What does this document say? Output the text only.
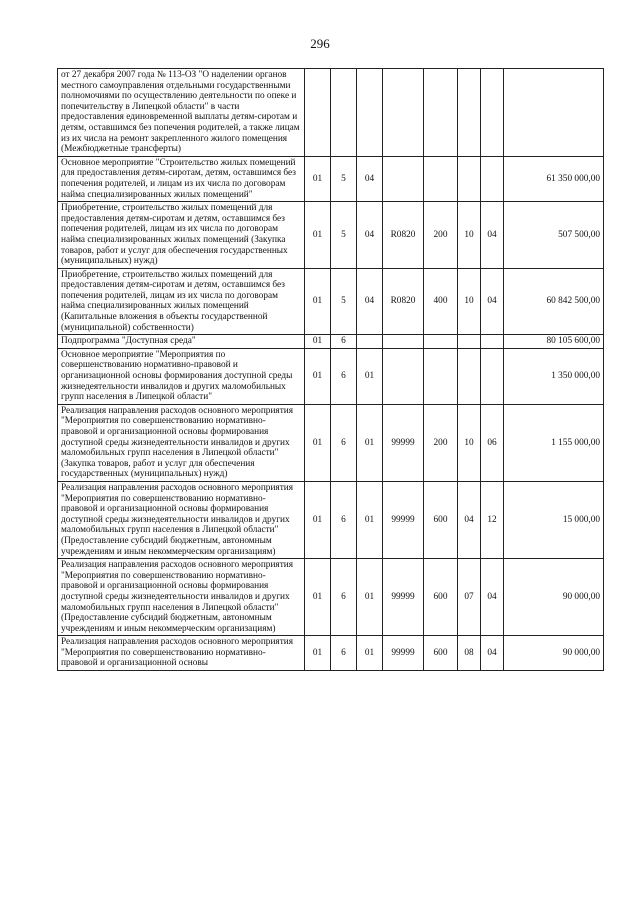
296
от 27 декабря 2007 года № 113-ОЗ "О наделении органов местного самоуправления отдельными государственными полномочиями по осуществлению деятельности по опеке и попечительству в Липецкой области" в части предоставления единовременной выплаты детям-сиротам и детям, оставшимся без попечения родителей, а также лицам из их числа на ремонт закрепленного жилого помещения (Межбюджетные трансферты)								
Основное мероприятие "Строительство жилых помещений для предоставления детям-сиротам, детям, оставшимся без попечения родителей, и лицам из их числа по договорам найма специализированных жилых помещений"	01	5	04					61 350 000,00
Приобретение, строительство жилых помещений для предоставления детям-сиротам и детям, оставшимся без попечения родителей, лицам из их числа по договорам найма специализированных жилых помещений (Закупка товаров, работ и услуг для обеспечения государственных (муниципальных) нужд)	01	5	04	R0820	200	10	04	507 500,00
Приобретение, строительство жилых помещений для предоставления детям-сиротам и детям, оставшимся без попечения родителей, лицам из их числа по договорам найма специализированных жилых помещений (Капитальные вложения в объекты государственной (муниципальной) собственности)	01	5	04	R0820	400	10	04	60 842 500,00
Подпрограмма "Доступная среда"	01	6						80 105 600,00
Основное мероприятие "Мероприятия по совершенствованию нормативно-правовой и организационной основы формирования доступной среды жизнедеятельности инвалидов и других маломобильных групп населения в Липецкой области"	01	6	01					1 350 000,00
Реализация направления расходов основного мероприятия "Мероприятия по совершенствованию нормативно-правовой и организационной основы формирования доступной среды жизнедеятельности инвалидов и других маломобильных групп населения в Липецкой области" (Закупка товаров, работ и услуг для обеспечения государственных (муниципальных) нужд)	01	6	01	99999	200	10	06	1 155 000,00
Реализация направления расходов основного мероприятия "Мероприятия по совершенствованию нормативно-правовой и организационной основы формирования доступной среды жизнедеятельности инвалидов и других маломобильных групп населения в Липецкой области" (Предоставление субсидий бюджетным, автономным учреждениям и иным некоммерческим организациям)	01	6	01	99999	600	04	12	15 000,00
Реализация направления расходов основного мероприятия "Мероприятия по совершенствованию нормативно-правовой и организационной основы формирования доступной среды жизнедеятельности инвалидов и других маломобильных групп населения в Липецкой области" (Предоставление субсидий бюджетным, автономным учреждениям и иным некоммерческим организациям)	01	6	01	99999	600	07	04	90 000,00
Реализация направления расходов основного мероприятия "Мероприятия по совершенствованию нормативно-правовой и организационной основы	01	6	01	99999	600	08	04	90 000,00
